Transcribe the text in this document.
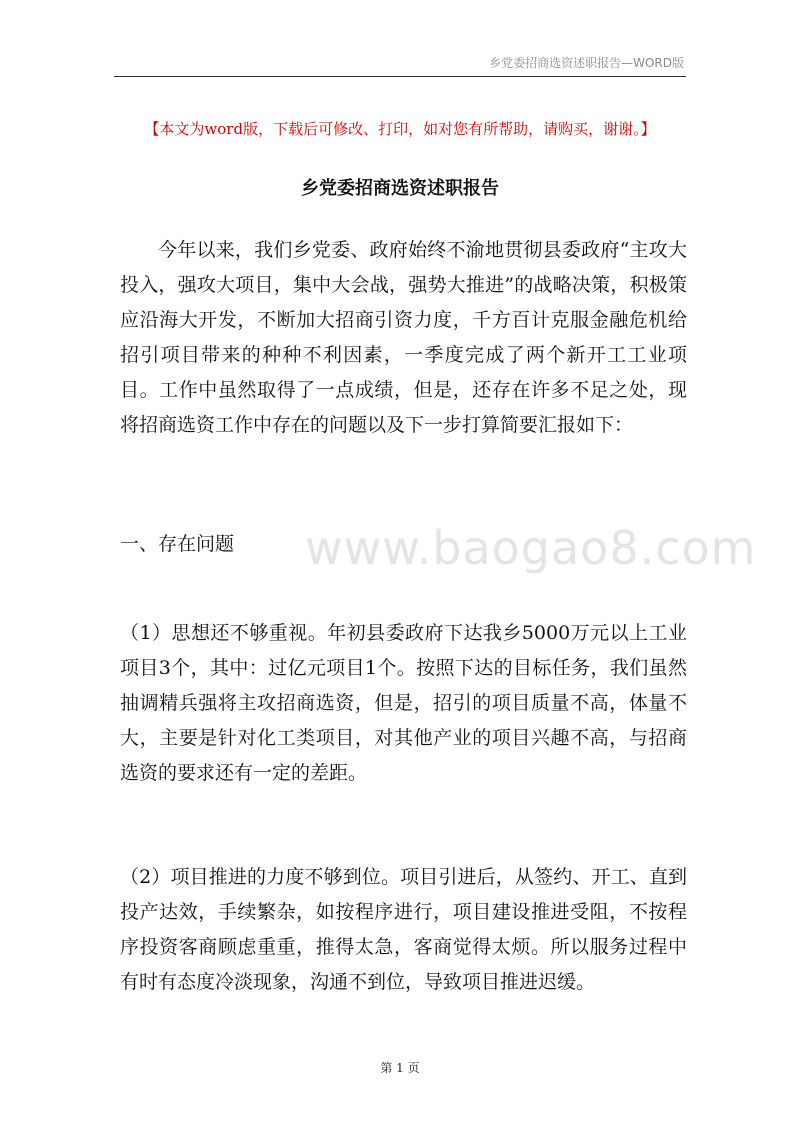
乡党委招商选资述职报告—WORD版
www.baogao8.com
【本文为word版，下载后可修改、打印，如对您有所帮助，请购买，谢谢。】
乡党委招商选资述职报告

今年以来，我们乡党委、政府始终不渝地贯彻县委政府“主攻大投入，强攻大项目，集中大会战，强势大推进”的战略决策，积极策应沿海大开发，不断加大招商引资力度，千方百计克服金融危机给招引项目带来的种种不利因素，一季度完成了两个新开工工业项目。工作中虽然取得了一点成绩，但是，还存在许多不足之处，现将招商选资工作中存在的问题以及下一步打算简要汇报如下：

一、存在问题

（1）思想还不够重视。年初县委政府下达我乡5000万元以上工业项目3个，其中：过亿元项目1个。按照下达的目标任务，我们虽然抽调精兵强将主攻招商选资，但是，招引的项目质量不高，体量不大，主要是针对化工类项目，对其他产业的项目兴趣不高，与招商选资的要求还有一定的差距。

（2）项目推进的力度不够到位。项目引进后，从签约、开工、直到投产达效，手续繁杂，如按程序进行，项目建设推进受阻，不按程序投资客商顾虑重重，推得太急，客商觉得太烦。所以服务过程中有时有态度冷淡现象，沟通不到位，导致项目推进迟缓。

第 1 页
